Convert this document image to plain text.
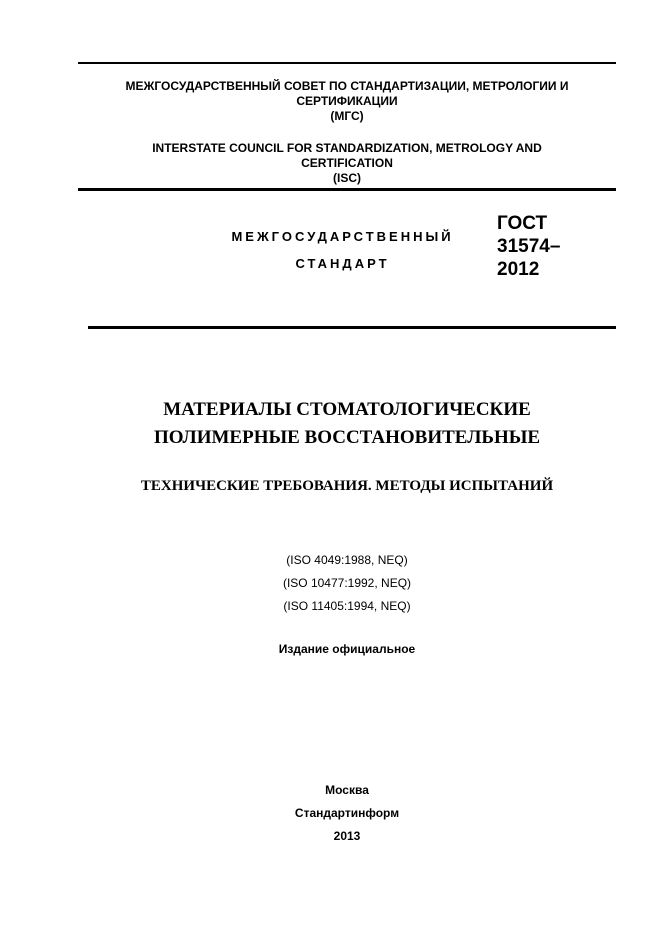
МЕЖГОСУДАРСТВЕННЫЙ СОВЕТ ПО СТАНДАРТИЗАЦИИ, МЕТРОЛОГИИ И
СЕРТИФИКАЦИИ
(МГС)
INTERSTATE COUNCIL FOR STANDARDIZATION, METROLOGY AND
CERTIFICATION
(ISC)
МЕЖГОСУДАРСТВЕННЫЙ
СТАНДАРТ
ГОСТ
31574–
2012
МАТЕРИАЛЫ СТОМАТОЛОГИЧЕСКИЕ
ПОЛИМЕРНЫЕ ВОССТАНОВИТЕЛЬНЫЕ
ТЕХНИЧЕСКИЕ ТРЕБОВАНИЯ. МЕТОДЫ ИСПЫТАНИЙ
(ISO 4049:1988, NEQ)
(ISO 10477:1992, NEQ)
(ISO 11405:1994, NEQ)
Издание официальное
Москва
Стандартинформ
2013
